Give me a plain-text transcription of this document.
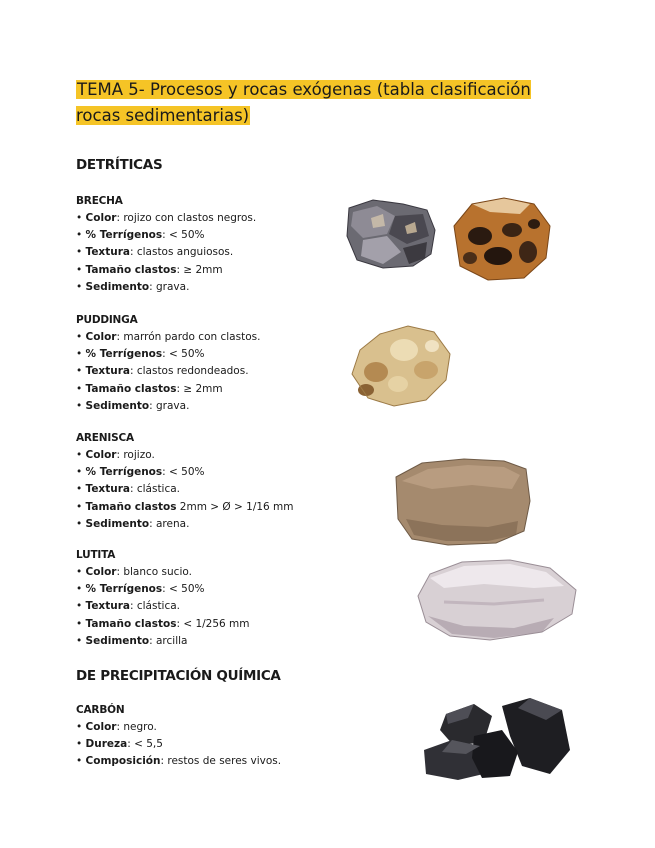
TEMA 5- Procesos y rocas exógenas (tabla clasificación rocas sedimentarias)
DETRÍTICAS
BRECHA
• Color: rojizo con clastos negros.
• % Terrígenos: < 50%
• Textura: clastos anguiosos.
• Tamaño clastos: ≥ 2mm
• Sedimento: grava.
PUDDINGA
• Color: marrón pardo con clastos.
• % Terrígenos: < 50%
• Textura: clastos redondeados.
• Tamaño clastos: ≥ 2mm
• Sedimento: grava.
ARENISCA
• Color: rojizo.
• % Terrígenos: < 50%
• Textura: clástica.
• Tamaño clastos 2mm > Ø > 1/16 mm
• Sedimento: arena.
LUTITA
• Color: blanco sucio.
• % Terrígenos: < 50%
• Textura: clástica.
• Tamaño clastos: < 1/256 mm
• Sedimento: arcilla
DE PRECIPITACIÓN QUÍMICA
CARBÓN
• Color: negro.
• Dureza: < 5,5
• Composición: restos de seres vivos.
